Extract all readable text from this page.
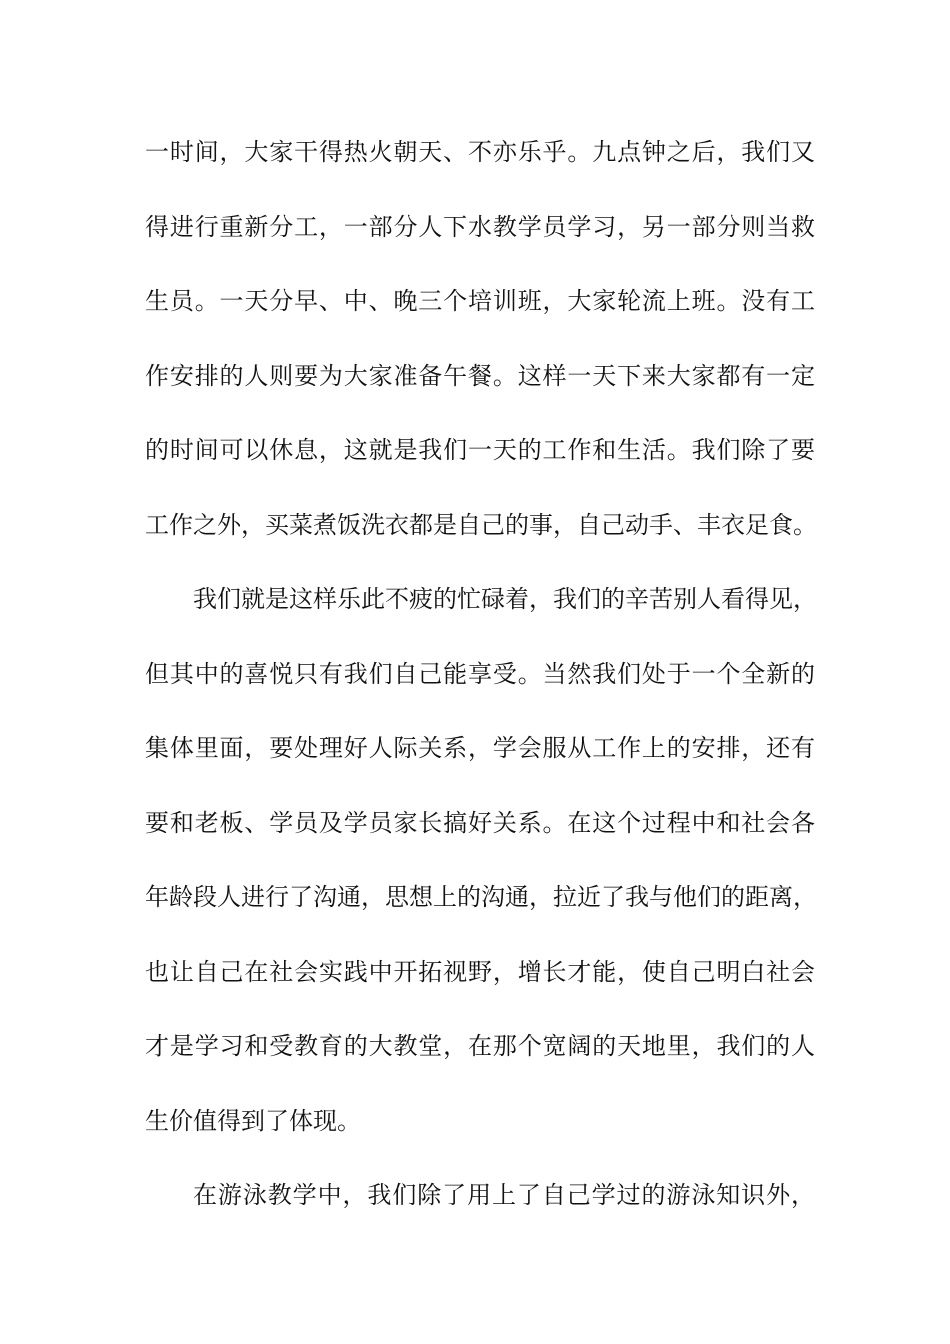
一时间，大家干得热火朝天、不亦乐乎。九点钟之后，我们又
得进行重新分工，一部分人下水教学员学习，另一部分则当救
生员。一天分早、中、晚三个培训班，大家轮流上班。没有工
作安排的人则要为大家准备午餐。这样一天下来大家都有一定
的时间可以休息，这就是我们一天的工作和生活。我们除了要
工作之外，买菜煮饭洗衣都是自己的事，自己动手、丰衣足食。
我们就是这样乐此不疲的忙碌着，我们的辛苦别人看得见，
但其中的喜悦只有我们自己能享受。当然我们处于一个全新的
集体里面，要处理好人际关系，学会服从工作上的安排，还有
要和老板、学员及学员家长搞好关系。在这个过程中和社会各
年龄段人进行了沟通，思想上的沟通，拉近了我与他们的距离，
也让自己在社会实践中开拓视野，增长才能，使自己明白社会
才是学习和受教育的大教堂，在那个宽阔的天地里，我们的人
生价值得到了体现。
在游泳教学中，我们除了用上了自己学过的游泳知识外，
